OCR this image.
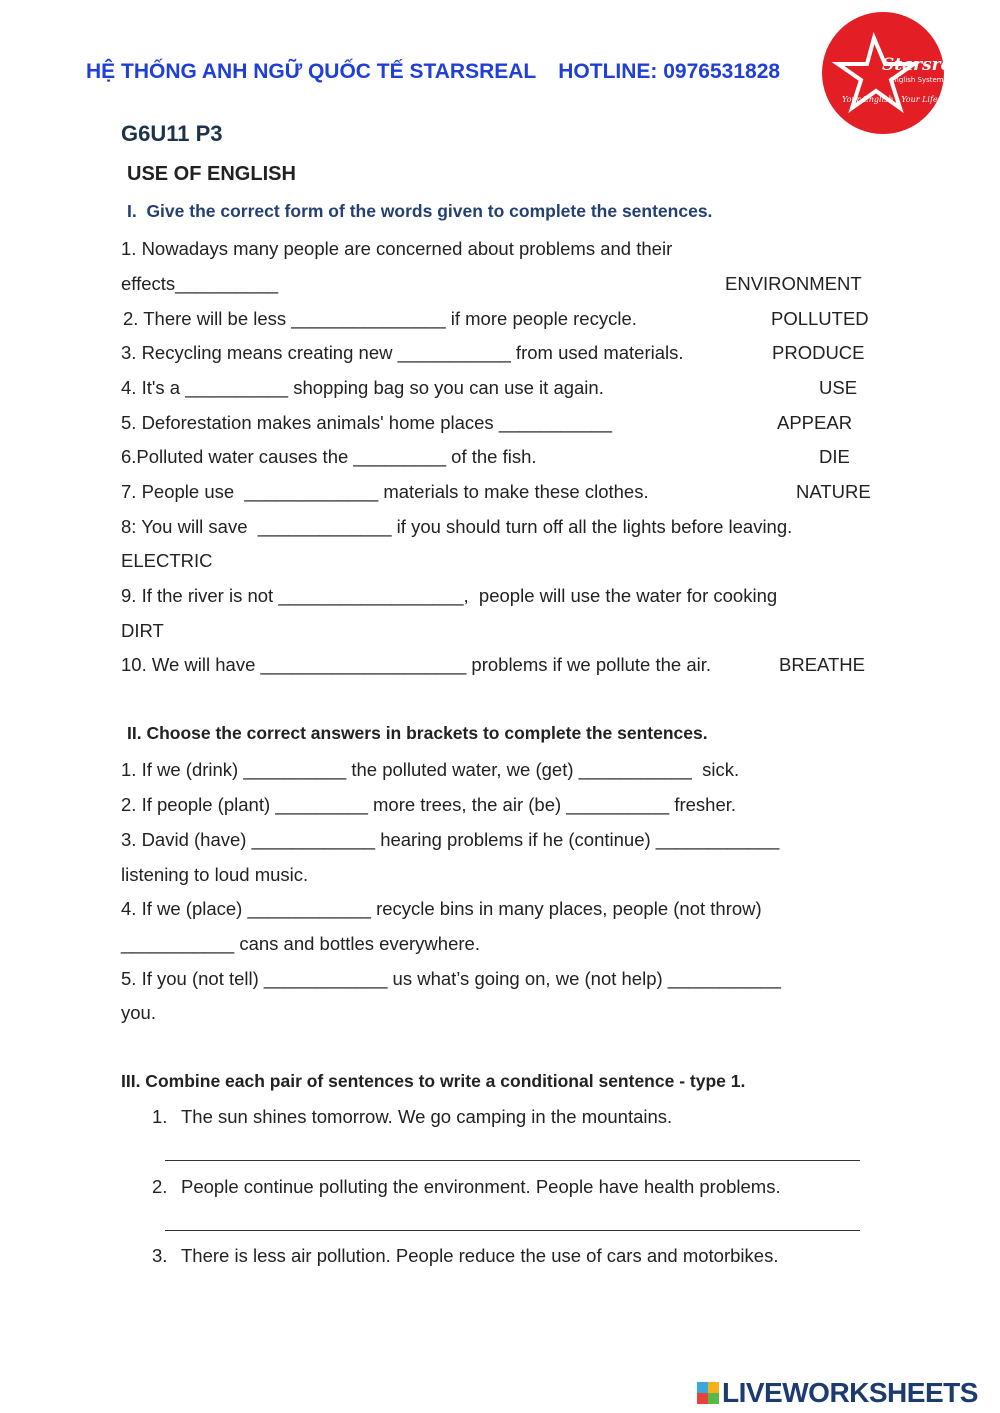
HỆ THỐNG ANH NGỮ QUỐC TẾ STARSREAL HOTLINE: 0976531828	Starsreal
English System
Your English - Your Life
G6U11 P3
USE OF ENGLISH
I.  Give the correct form of the words given to complete the sentences.
1. Nowadays many people are concerned about problems and their
effects__________	ENVIRONMENT
2. There will be less _______________ if more people recycle.	POLLUTED
3. Recycling means creating new ___________ from used materials.	PRODUCE
4. It's a __________ shopping bag so you can use it again.	USE
5. Deforestation makes animals' home places ___________	APPEAR
6.Polluted water causes the _________ of the fish.	DIE
7. People use  _____________ materials to make these clothes.	NATURE
8: You will save  _____________ if you should turn off all the lights before leaving.
ELECTRIC
9. If the river is not __________________,  people will use the water for cooking
DIRT
10. We will have ____________________ problems if we pollute the air.	BREATHE
II. Choose the correct answers in brackets to complete the sentences.
1. If we (drink) __________ the polluted water, we (get) ___________  sick.
2. If people (plant) _________ more trees, the air (be) __________ fresher.
3. David (have) ____________ hearing problems if he (continue) ____________
listening to loud music.
4. If we (place) ____________ recycle bins in many places, people (not throw)
___________ cans and bottles everywhere.
5. If you (not tell) ____________ us what’s going on, we (not help) ___________
you.
III. Combine each pair of sentences to write a conditional sentence - type 1.
1. The sun shines tomorrow. We go camping in the mountains.
2. People continue polluting the environment. People have health problems.
3. There is less air pollution. People reduce the use of cars and motorbikes.
LIVEWORKSHEETS
